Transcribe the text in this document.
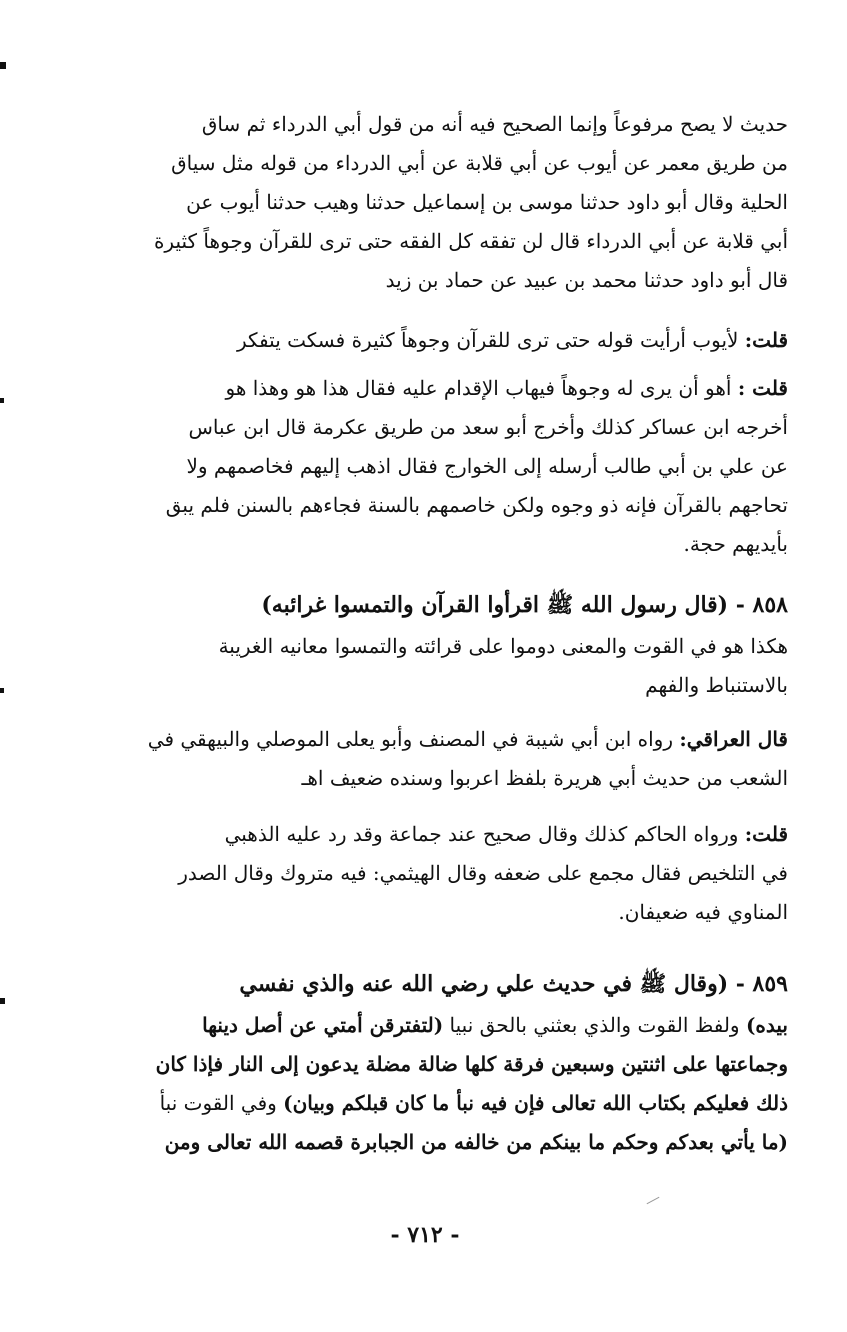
حديث لا يصح مرفوعاً وإنما الصحيح فيه أنه من قول أبي الدرداء ثم ساق
من طريق معمر عن أيوب عن أبي قلابة عن أبي الدرداء من قوله مثل سياق
الحلية وقال أبو داود حدثنا موسى بن إسماعيل حدثنا وهيب حدثنا أيوب عن
أبي قلابة عن أبي الدرداء قال لن تفقه كل الفقه حتى ترى للقرآن وجوهاً كثيرة
قال أبو داود حدثنا محمد بن عبيد عن حماد بن زيد
قلت: لأيوب أرأيت قوله حتى ترى للقرآن وجوهاً كثيرة فسكت يتفكر
قلت : أهو أن يرى له وجوهاً فيهاب الإقدام عليه فقال هذا هو وهذا هو
أخرجه ابن عساكر كذلك وأخرج أبو سعد من طريق عكرمة قال ابن عباس
عن علي بن أبي طالب أرسله إلى الخوارج فقال اذهب إليهم فخاصمهم ولا
تحاجهم بالقرآن فإنه ذو وجوه ولكن خاصمهم بالسنة فجاءهم بالسنن فلم يبق
بأيديهم حجة.
٨٥٨ - (قال رسول الله ﷺ اقرأوا القرآن والتمسوا غرائبه)
هكذا هو في القوت والمعنى دوموا على قرائته والتمسوا معانيه الغريبة
بالاستنباط والفهم
قال العراقي: رواه ابن أبي شيبة في المصنف وأبو يعلى الموصلي والبيهقي في
الشعب من حديث أبي هريرة بلفظ اعربوا وسنده ضعيف اهـ
قلت: ورواه الحاكم كذلك وقال صحيح عند جماعة وقد رد عليه الذهبي
في التلخيص فقال مجمع على ضعفه وقال الهيثمي: فيه متروك وقال الصدر
المناوي فيه ضعيفان.
٨٥٩ - (وقال ﷺ في حديث علي رضي الله عنه والذي نفسي
بيده) ولفظ القوت والذي بعثني بالحق نبيا (لتفترقن أمتي عن أصل دينها
وجماعتها على اثنتين وسبعين فرقة كلها ضالة مضلة يدعون إلى النار فإذا كان
ذلك فعليكم بكتاب الله تعالى فإن فيه نبأ ما كان قبلكم وبيان) وفي القوت نبأ
(ما يأتي بعدكم وحكم ما بينكم من خالفه من الجبابرة قصمه الله تعالى ومن
- ٧١٢ -
